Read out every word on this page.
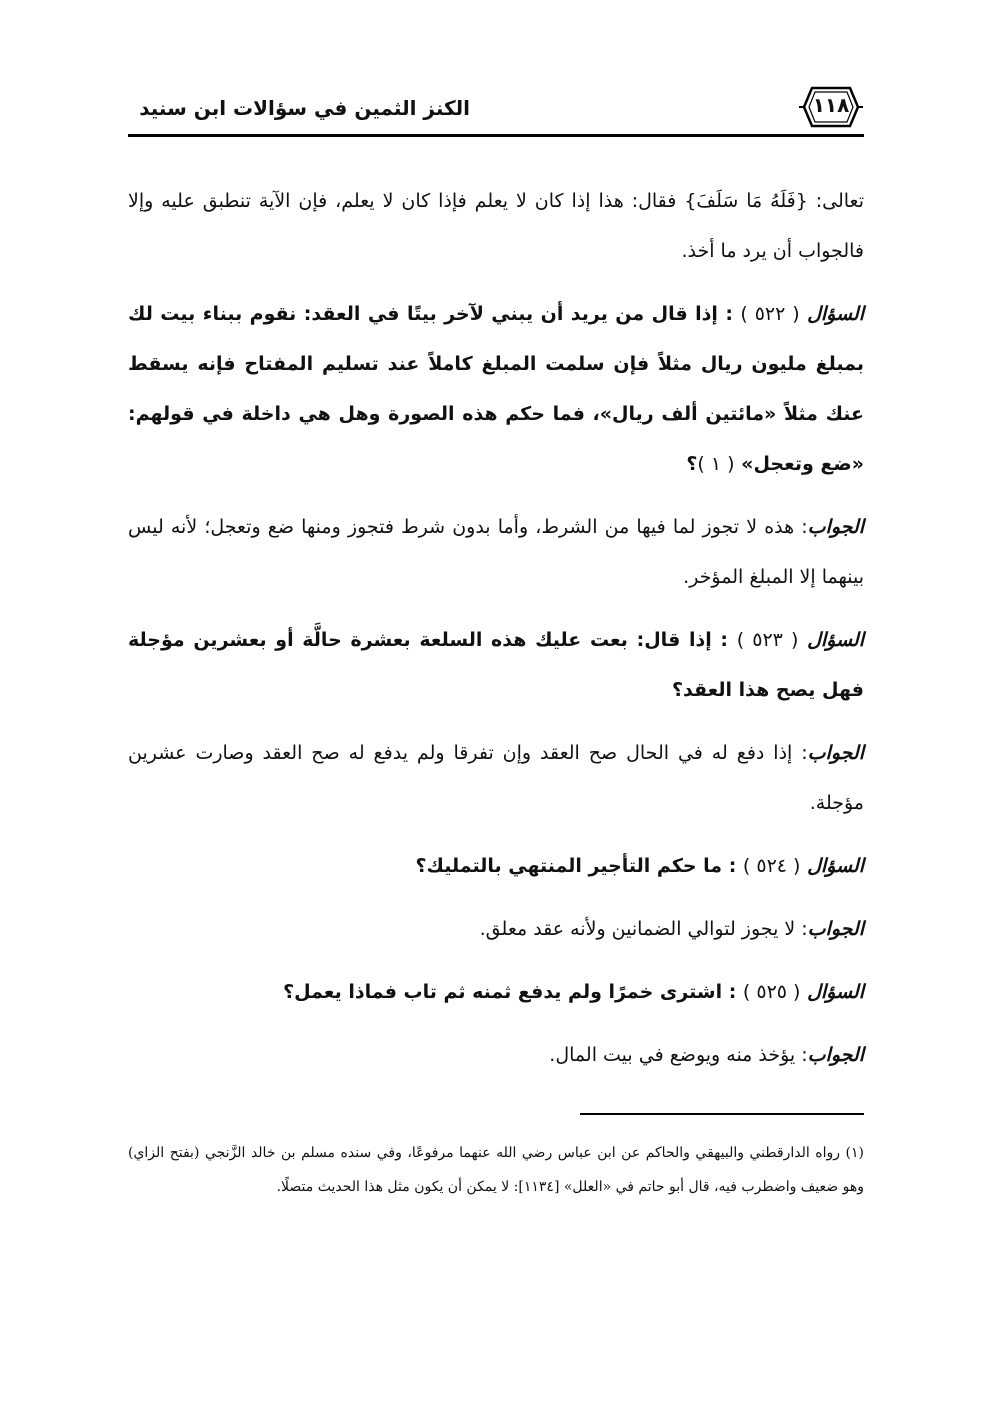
١١٨
الكنز الثمين في سؤالات ابن سنيد

تعالى: {فَلَهُ مَا سَلَفَ} فقال: هذا إذا كان لا يعلم فإذا كان لا يعلم، فإن الآية تنطبق عليه وإلا فالجواب أن يرد ما أخذ.

السؤال ( ٥٢٢ ) : إذا قال من يريد أن يبني لآخر بيتًا في العقد: نقوم ببناء بيت لك بمبلغ مليون ريال مثلاً فإن سلمت المبلغ كاملاً عند تسليم المفتاح فإنه يسقط عنك مثلاً «مائتين ألف ريال»، فما حكم هذه الصورة وهل هي داخلة في قولهم: «ضع وتعجل» ( ١ )؟

الجواب: هذه لا تجوز لما فيها من الشرط، وأما بدون شرط فتجوز ومنها ضع وتعجل؛ لأنه ليس بينهما إلا المبلغ المؤخر.

السؤال ( ٥٢٣ ) : إذا قال: بعت عليك هذه السلعة بعشرة حالَّة أو بعشرين مؤجلة فهل يصح هذا العقد؟

الجواب: إذا دفع له في الحال صح العقد وإن تفرقا ولم يدفع له صح العقد وصارت عشرين مؤجلة.

السؤال ( ٥٢٤ ) : ما حكم التأجير المنتهي بالتمليك؟

الجواب: لا يجوز لتوالي الضمانين ولأنه عقد معلق.

السؤال ( ٥٢٥ ) : اشترى خمرًا ولم يدفع ثمنه ثم تاب فماذا يعمل؟

الجواب: يؤخذ منه ويوضع في بيت المال.

(١) رواه الدارقطني والبيهقي والحاكم عن ابن عباس رضي الله عنهما مرفوعًا، وفي سنده مسلم بن خالد الزَّنجي (بفتح الزاي) وهو ضعيف واضطرب فيه، قال أبو حاتم في «العلل» [١١٣٤]: لا يمكن أن يكون مثل هذا الحديث متصلًا.
